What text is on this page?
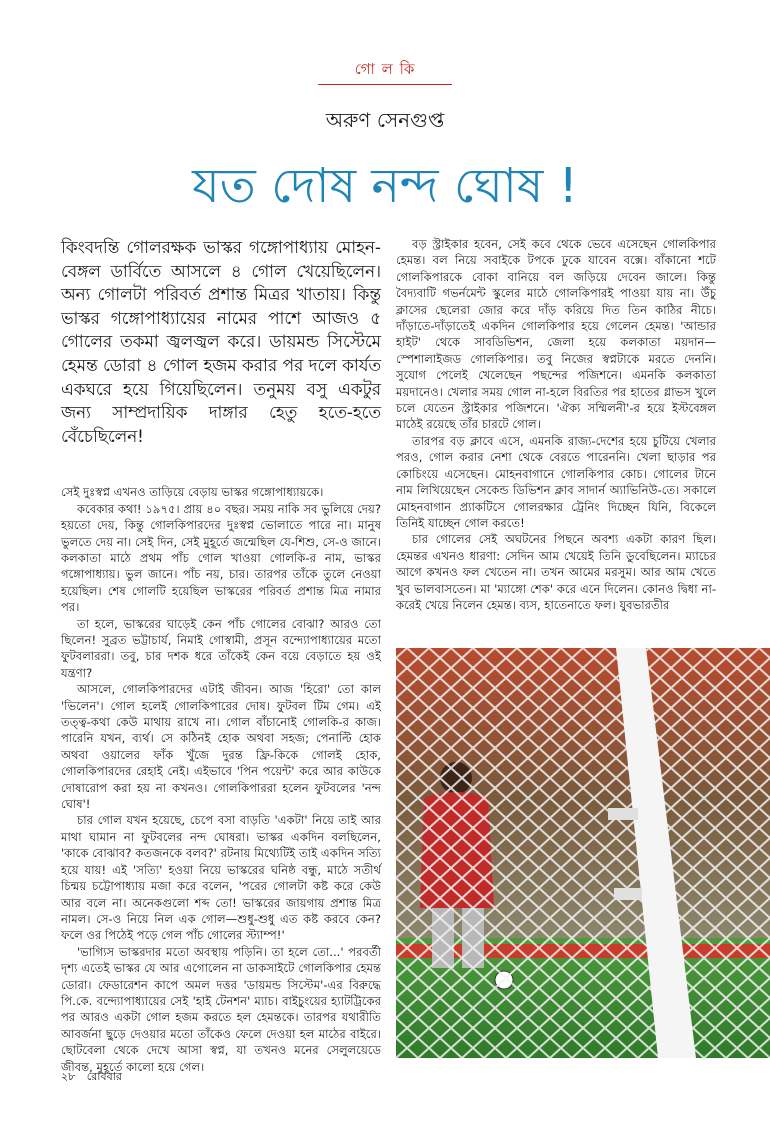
গো ল কি
অরুণ সেনগুপ্ত
যত দোষ নন্দ ঘোষ !

কিংবদন্তি গোলরক্ষক ভাস্কর গঙ্গোপাধ্যায় মোহন-বেঙ্গল ডার্বিতে আসলে ৪ গোল খেয়েছিলেন। অন্য গোলটা পরিবর্ত প্রশান্ত মিত্রর খাতায়। কিন্তু ভাস্কর গঙ্গোপাধ্যায়ের নামের পাশে আজও ৫ গোলের তকমা জ্বলজ্বল করে। ডায়মন্ড সিস্টেমে হেমন্ত ডোরা ৪ গোল হজম করার পর দলে কার্যত একঘরে হয়ে গিয়েছিলেন। তনুময় বসু একটুর জন্য সাম্প্রদায়িক দাঙ্গার হেতু হতে-হতে বেঁচেছিলেন!

সেই দুঃস্বপ্ন এখনও তাড়িয়ে বেড়ায় ভাস্কর গঙ্গোপাধ্যায়কে।

কবেকার কথা! ১৯৭৫। প্রায় ৪০ বছর। সময় নাকি সব ভুলিয়ে দেয়? হয়তো দেয়, কিন্তু গোলকিপারদের দুঃস্বপ্ন ভোলাতে পারে না। মানুষ ভুলতে দেয় না। সেই দিন, সেই মুহূর্তে জন্মেছিল যে-শিশু, সে-ও জানে। কলকাতা মাঠে প্রথম পাঁচ গোল খাওয়া গোলকি-র নাম, ভাস্কর গঙ্গোপাধ্যায়। ভুল জানে। পাঁচ নয়, চার। তারপর তাঁকে তুলে নেওয়া হয়েছিল। শেষ গোলটি হয়েছিল ভাস্করের পরিবর্ত প্রশান্ত মিত্র নামার পর।

তা হলে, ভাস্করের ঘাড়েই কেন পাঁচ গোলের বোঝা? আরও তো ছিলেন! সুব্রত ভট্টাচার্য, নিমাই গোস্বামী, প্রসূন বন্দ্যোপাধ্যায়ের মতো ফুটবলাররা। তবু, চার দশক ধরে তাঁকেই কেন বয়ে বেড়াতে হয় ওই যন্ত্রণা?

আসলে, গোলকিপারদের এটাই জীবন। আজ 'হিরো' তো কাল 'ভিলেন'। গোল হলেই গোলকিপারের দোষ। ফুটবল টিম গেম। এই তত্ত্ব-কথা কেউ মাথায় রাখে না। গোল বাঁচানোই গোলকি-র কাজ। পারেনি যখন, ব্যর্থ। সে কঠিনই হোক অথবা সহজ; পেনাল্টি হোক অথবা ওয়ালের ফাঁক খুঁজে দুরন্ত ফ্রি-কিকে গোলই হোক, গোলকিপারদের রেহাই নেই। এইভাবে 'পিন পয়েন্ট' করে আর কাউকে দোষারোপ করা হয় না কখনও। গোলকিপাররা হলেন ফুটবলের 'নন্দ ঘোষ'!

চার গোল যখন হয়েছে, চেপে বসা বাড়তি 'একটা' নিয়ে তাই আর মাথা ঘামান না ফুটবলের নন্দ ঘোষরা। ভাস্কর একদিন বলছিলেন, 'কাকে বোঝাব? কতজনকে বলব?' রটনায় মিথ্যেটিই তাই একদিন সত্যি হয়ে যায়! এই 'সত্যি' হওয়া নিয়ে ভাস্করের ঘনিষ্ঠ বন্ধু, মাঠে সতীর্থ চিন্ময় চট্টোপাধ্যায় মজা করে বলেন, 'পরের গোলটা কষ্ট করে কেউ আর বলে না। অনেকগুলো শব্দ তো! ভাস্করের জায়গায় প্রশান্ত মিত্র নামল। সে-ও নিয়ে নিল এক গোল—শুধু-শুধু এত কষ্ট করবে কেন? ফলে ওর পিঠেই পড়ে গেল পাঁচ গোলের স্ট্যাম্প!'

'ভাগ্যিস ভাস্করদার মতো অবস্থায় পড়িনি। তা হলে তো...' পরবর্তী দৃশ্য এতেই ভাস্কর যে আর এগোলেন না ডাকসাইটে গোলকিপার হেমন্ত ডোরা। ফেডারেশন কাপে অমল দত্তর 'ডায়মন্ড সিস্টেম'-এর বিরুদ্ধে পি.কে. বন্দ্যোপাধ্যায়ের সেই 'হাই টেনশন' ম্যাচ। বাইচুংয়ের হ্যাটট্রিকের পর আরও একটা গোল হজম করতে হল হেমন্তকে। তারপর যথারীতি আবর্জনা ছুড়ে দেওয়ার মতো তাঁকেও ফেলে দেওয়া হল মাঠের বাইরে। ছোটবেলা থেকে দেখে আসা স্বপ্ন, যা তখনও মনের সেলুলয়েডে জীবন্ত, মুহূর্তে কালো হয়ে গেল।

বড় স্ট্রাইকার হবেন, সেই কবে থেকে ভেবে এসেছেন গোলকিপার হেমন্ত। বল নিয়ে সবাইকে টপকে ঢুকে যাবেন বক্সে। বাঁকানো শটে গোলকিপারকে বোকা বানিয়ে বল জড়িয়ে দেবেন জালে। কিন্তু বৈদ্যবাটি গভর্নমেন্ট স্কুলের মাঠে গোলকিপারই পাওয়া যায় না। উঁচু ক্লাসের ছেলেরা জোর করে দাঁড় করিয়ে দিত তিন কাঠির নীচে। দাঁড়াতে-দাঁড়াতেই একদিন গোলকিপার হয়ে গেলেন হেমন্ত। 'আন্ডার হাইট' থেকে সাবডিভিশন, জেলা হয়ে কলকাতা ময়দান—স্পেশালাইজড গোলকিপার। তবু নিজের স্বপ্নটাকে মরতে দেননি। সুযোগ পেলেই খেলেছেন পছন্দের পজিশনে। এমনকি কলকাতা ময়দানেও। খেলার সময় গোল না-হলে বিরতির পর হাতের গ্লাভস খুলে চলে যেতেন স্ট্রাইকার পজিশনে। 'ঐক্য সম্মিলনী'-র হয়ে ইস্টবেঙ্গল মাঠেই রয়েছে তাঁর চারটে গোল।

তারপর বড় ক্লাবে এসে, এমনকি রাজ্য-দেশের হয়ে চুটিয়ে খেলার পরও, গোল করার নেশা থেকে বেরতে পারেননি। খেলা ছাড়ার পর কোচিংয়ে এসেছেন। মোহনবাগানে গোলকিপার কোচ। গোলের টানে নাম লিখিয়েছেন সেকেন্ড ডিভিশন ক্লাব সাদার্ন অ্যাভিনিউ-তে। সকালে মোহনবাগান প্র্যাকটিসে গোলরক্ষার ট্রেনিং দিচ্ছেন যিনি, বিকেলে তিনিই যাচ্ছেন গোল করতে!

চার গোলের সেই অঘটনের পিছনে অবশ্য একটা কারণ ছিল। হেমন্তর এখনও ধারণা: সেদিন আম খেয়েই তিনি ডুবেছিলেন। ম্যাচের আগে কখনও ফল খেতেন না। তখন আমের মরসুম। আর আম খেতে খুব ভালবাসতেন। মা 'ম্যাঙ্গো শেক' করে এনে দিলেন। কোনও দ্বিধা না-করেই খেয়ে নিলেন হেমন্ত। ব্যস, হাতেনাতে ফল। যুবভারতীর

২৮ রোববার
